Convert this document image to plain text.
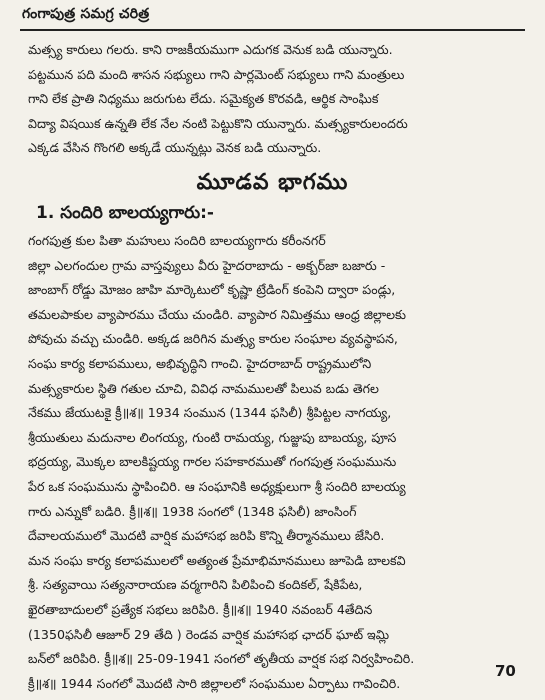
గంగాపుత్ర సమగ్ర చరిత్ర
మత్స్య కారులు గలరు. కాని రాజకీయముగా ఎదుగక వెనుక బడి యున్నారు.
పట్టమున పది మంది శాసన సభ్యులు గాని పార్లమెంట్ సభ్యులు గాని మంత్రులు
గాని లేక ప్రాతి నిధ్యము జరుగుట లేదు. సమైక్యత కొరవడి, ఆర్థిక సాంఘిక
విద్యా విషయిక ఉన్నతి లేక నేల నంటి పెట్టుకొని యున్నారు. మత్స్యకారులందరు
ఎక్కడ వేసిన గొంగలి అక్కడే యున్నట్లు వెనక బడి యున్నారు.
మూడవ భాగము
1. సందిరి బాలయ్యగారు:-
గంగపుత్ర కుల పితా మహులు సందిరి బాలయ్యగారు కరీంనగర్
జిల్లా ఎలగందుల గ్రామ వాస్తవ్యులు వీరు హైదరాబాదు - అక్బర్‌జా బజారు -
జాంబాగ్ రోడ్డు మోజం జాహి మార్కెటులో కృష్ణా ట్రేడింగ్ కంపెని ద్వారా పండ్లు,
తమలపాకుల వ్యాపారము చేయు చుండిరి. వ్యాపార నిమిత్తము ఆంధ్ర జిల్లాలకు
పోవుచు వచ్చు చుండిరి. అక్కడ జరిగిన మత్స్య కారుల సంఘాల వ్యవస్థాపన,
సంఘ కార్య కలాపములు, అభివృద్ధిని గాంచి. హైదరాబాద్ రాష్ట్రములోని
మత్స్యకారుల స్థితి గతుల చూచి, వివిధ నామములతో పిలువ బడు తెగల
నేకము జేయుటకై క్రీ॥శ॥ 1934 సంమున (1344 ఫసిలీ) శ్రీపిట్టల నాగయ్య,
శ్రీయుతులు మదునాల లింగయ్య, గుంటి రామయ్య, గుజ్జుపు బాబయ్య, పూస
భద్రయ్య, మొక్కల బాలకిష్టయ్య గారల సహకారముతో గంగపుత్ర సంఘమును
పేర ఒక సంఘమును స్థాపించిరి. ఆ సంఘానికి అధ్యక్షులుగా శ్రీ సందిరి బాలయ్య
గారు ఎన్నుకో బడిరి. క్రీ॥శ॥ 1938 సంగలో (1348 ఫసిలీ) జాంసింగ్
దేవాలయములో మొదటి వార్షిక మహాసభ జరిపి కొన్ని తీర్మానములు జేసిరి.
మన సంఘ కార్య కలాపములలో అత్యంత ప్రేమాభిమానములు జూపెడి బాలకవి
శ్రీ. సత్యవాయి సత్యనారాయణ వర్మగారిని పిలిపించి కందికల్, షేకిపేట,
ఖైరతాబాదులలో ప్రత్యేక సభలు జరిపిరి. క్రీ॥శ॥ 1940 నవంబర్ 4తేదిన
(1350ఫసిలీ ఆజూర్ 29 తేది ) రెండవ వార్షిక మహాసభ ఛాదర్ ఘాట్ ఇమ్లి
బన్‌లో జరిపిరి. క్రీ॥శ॥ 25-09-1941 సంగలో తృతీయ వార్షక సభ నిర్వహించిరి.
క్రీ॥శ॥ 1944 సంగలో మొదటి సారి జిల్లాలలో సంఘముల ఏర్పాటు గావించిరి.
70
